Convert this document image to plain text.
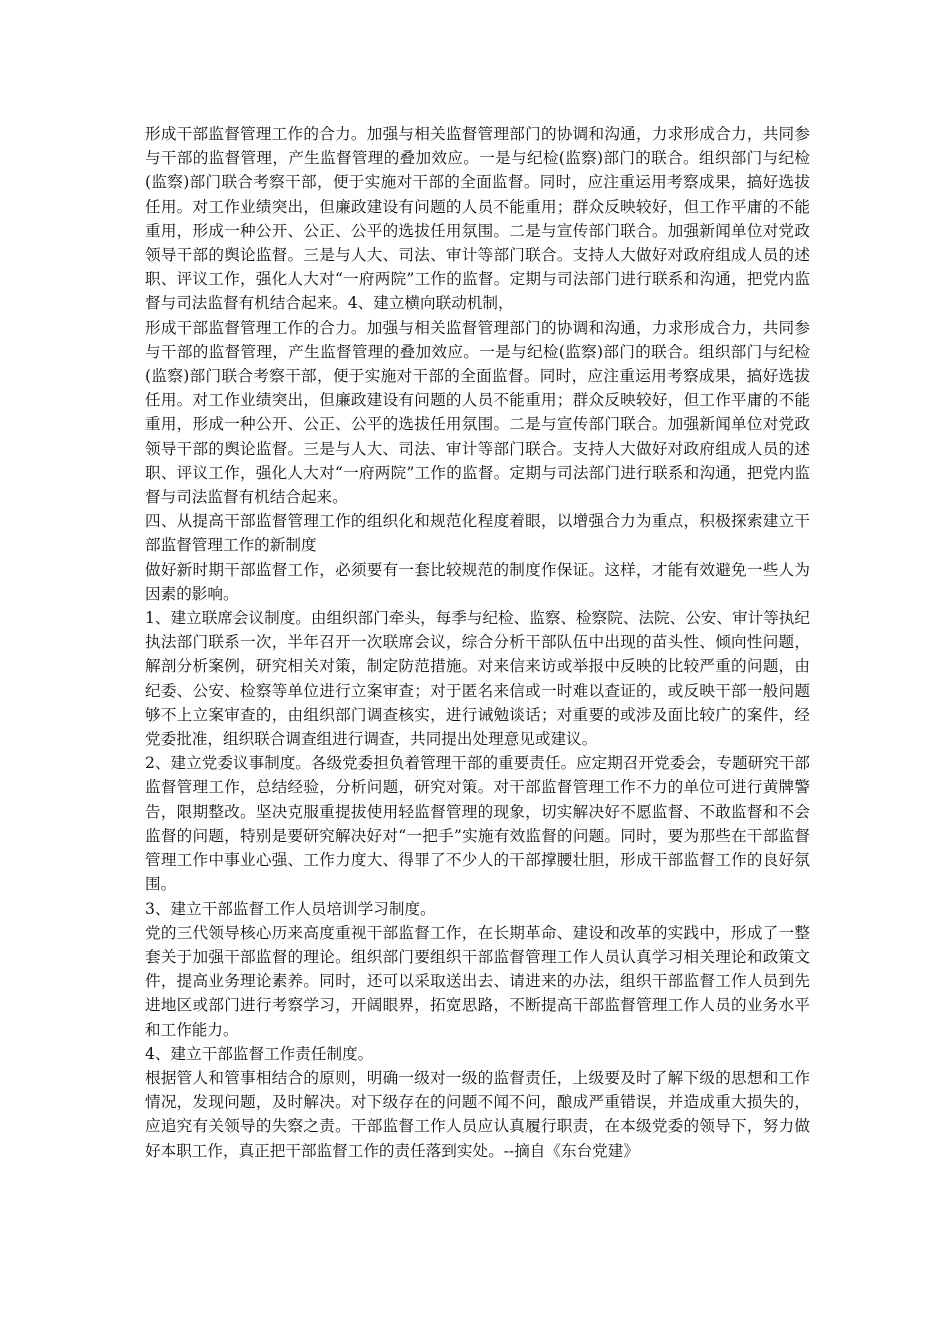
形成干部监督管理工作的合力。加强与相关监督管理部门的协调和沟通，力求形成合力，共同参与干部的监督管理，产生监督管理的叠加效应。一是与纪检(监察)部门的联合。组织部门与纪检(监察)部门联合考察干部，便于实施对干部的全面监督。同时，应注重运用考察成果，搞好选拔任用。对工作业绩突出，但廉政建设有问题的人员不能重用；群众反映较好，但工作平庸的不能重用，形成一种公开、公正、公平的选拔任用氛围。二是与宣传部门联合。加强新闻单位对党政领导干部的舆论监督。三是与人大、司法、审计等部门联合。支持人大做好对政府组成人员的述职、评议工作，强化人大对“一府两院”工作的监督。定期与司法部门进行联系和沟通，把党内监督与司法监督有机结合起来。4、建立横向联动机制，

形成干部监督管理工作的合力。加强与相关监督管理部门的协调和沟通，力求形成合力，共同参与干部的监督管理，产生监督管理的叠加效应。一是与纪检(监察)部门的联合。组织部门与纪检(监察)部门联合考察干部，便于实施对干部的全面监督。同时，应注重运用考察成果，搞好选拔任用。对工作业绩突出，但廉政建设有问题的人员不能重用；群众反映较好，但工作平庸的不能重用，形成一种公开、公正、公平的选拔任用氛围。二是与宣传部门联合。加强新闻单位对党政领导干部的舆论监督。三是与人大、司法、审计等部门联合。支持人大做好对政府组成人员的述职、评议工作，强化人大对“一府两院”工作的监督。定期与司法部门进行联系和沟通，把党内监督与司法监督有机结合起来。

四、从提高干部监督管理工作的组织化和规范化程度着眼，以增强合力为重点，积极探索建立干部监督管理工作的新制度

做好新时期干部监督工作，必须要有一套比较规范的制度作保证。这样，才能有效避免一些人为因素的影响。

1、建立联席会议制度。由组织部门牵头，每季与纪检、监察、检察院、法院、公安、审计等执纪执法部门联系一次，半年召开一次联席会议，综合分析干部队伍中出现的苗头性、倾向性问题，解剖分析案例，研究相关对策，制定防范措施。对来信来访或举报中反映的比较严重的问题，由纪委、公安、检察等单位进行立案审查；对于匿名来信或一时难以查证的，或反映干部一般问题够不上立案审查的，由组织部门调查核实，进行诫勉谈话；对重要的或涉及面比较广的案件，经党委批准，组织联合调查组进行调查，共同提出处理意见或建议。

2、建立党委议事制度。各级党委担负着管理干部的重要责任。应定期召开党委会，专题研究干部监督管理工作，总结经验，分析问题，研究对策。对干部监督管理工作不力的单位可进行黄牌警告，限期整改。坚决克服重提拔使用轻监督管理的现象，切实解决好不愿监督、不敢监督和不会监督的问题，特别是要研究解决好对“一把手”实施有效监督的问题。同时，要为那些在干部监督管理工作中事业心强、工作力度大、得罪了不少人的干部撑腰壮胆，形成干部监督工作的良好氛围。

3、建立干部监督工作人员培训学习制度。

党的三代领导核心历来高度重视干部监督工作，在长期革命、建设和改革的实践中，形成了一整套关于加强干部监督的理论。组织部门要组织干部监督管理工作人员认真学习相关理论和政策文件，提高业务理论素养。同时，还可以采取送出去、请进来的办法，组织干部监督工作人员到先进地区或部门进行考察学习，开阔眼界，拓宽思路，不断提高干部监督管理工作人员的业务水平和工作能力。

4、建立干部监督工作责任制度。

根据管人和管事相结合的原则，明确一级对一级的监督责任，上级要及时了解下级的思想和工作情况，发现问题，及时解决。对下级存在的问题不闻不问，酿成严重错误，并造成重大损失的，应追究有关领导的失察之责。干部监督工作人员应认真履行职责，在本级党委的领导下，努力做好本职工作，真正把干部监督工作的责任落到实处。--摘自《东台党建》
